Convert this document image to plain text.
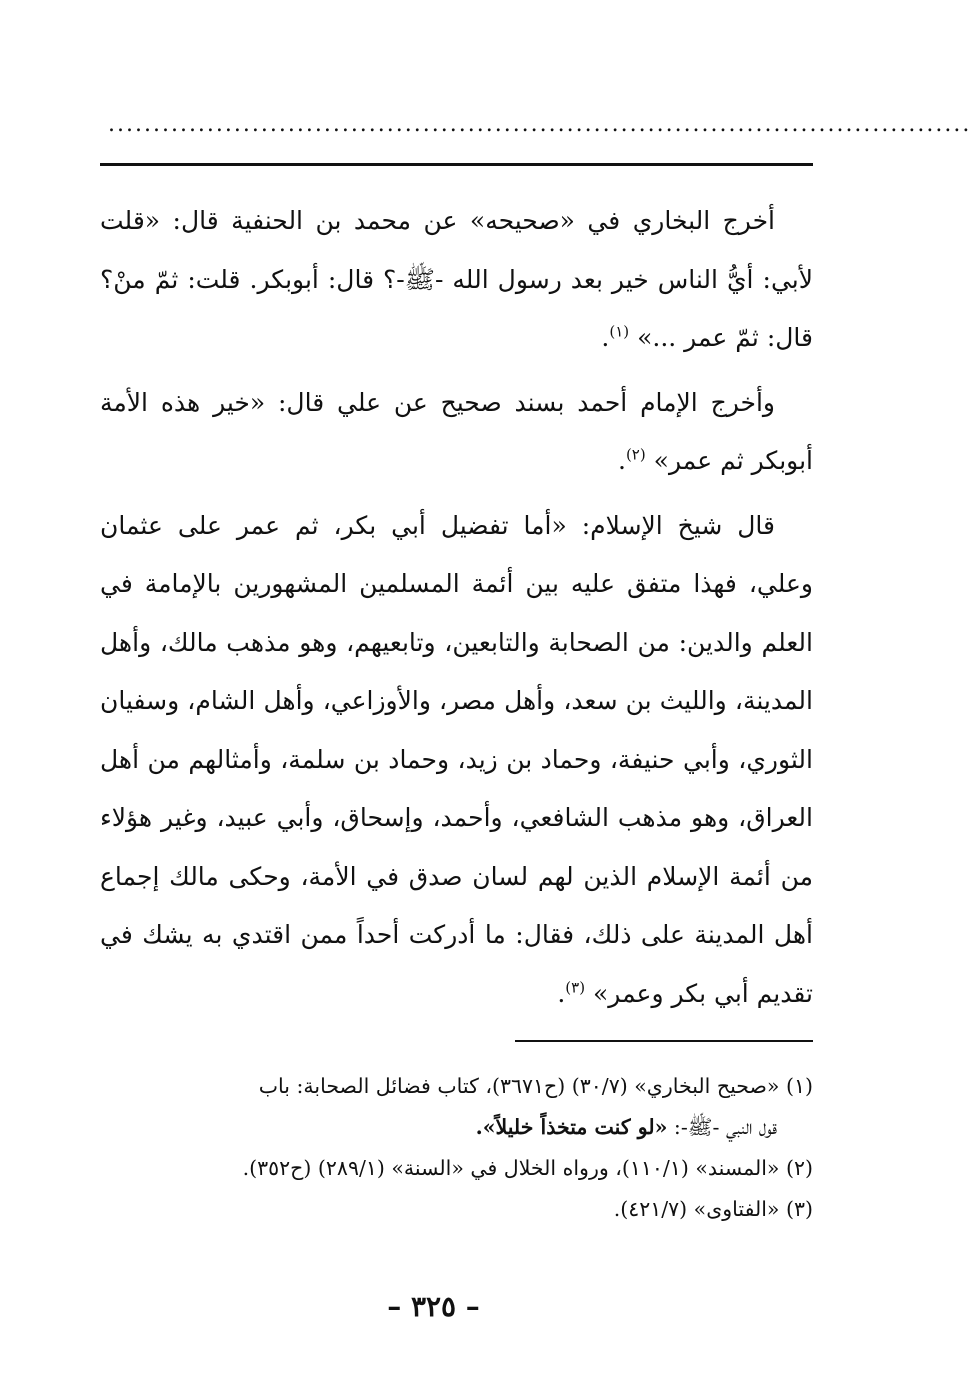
................................................................................................

أخرج البخاري في «صحيحه» عن محمد بن الحنفية قال: «قلت لأبي: أيُّ الناس خير بعد رسول الله -ﷺ-؟ قال: أبوبكر. قلت: ثمّ منْ؟ قال: ثمّ عمر ...» $^{(١)}$.

وأخرج الإمام أحمد بسند صحيح عن علي قال: «خير هذه الأمة أبوبكر ثم عمر» $^{(٢)}$.

قال شيخ الإسلام: «أما تفضيل أبي بكر، ثم عمر على عثمان وعلي، فهذا متفق عليه بين أئمة المسلمين المشهورين بالإمامة في العلم والدين: من الصحابة والتابعين، وتابعيهم، وهو مذهب مالك، وأهل المدينة، والليث بن سعد، وأهل مصر، والأوزاعي، وأهل الشام، وسفيان الثوري، وأبي حنيفة، وحماد بن زيد، وحماد بن سلمة، وأمثالهم من أهل العراق، وهو مذهب الشافعي، وأحمد، وإسحاق، وأبي عبيد، وغير هؤلاء من أئمة الإسلام الذين لهم لسان صدق في الأمة، وحكى مالك إجماع أهل المدينة على ذلك، فقال: ما أدركت أحداً ممن اقتدي به يشك في تقديم أبي بكر وعمر» $^{(٣)}$.

(١) «صحيح البخاري» (٣٠/٧) (ح٣٦٧١)، كتاب فضائل الصحابة: باب

قول النبي -ﷺ-: «لو كنت متخذاً خليلاً».

(٢) «المسند» (١١٠/١)، ورواه الخلال في «السنة» (٢٨٩/١) (ح٣٥٢).

(٣) «الفتاوى» (٤٢١/٧).

– ٣٢٥ –
